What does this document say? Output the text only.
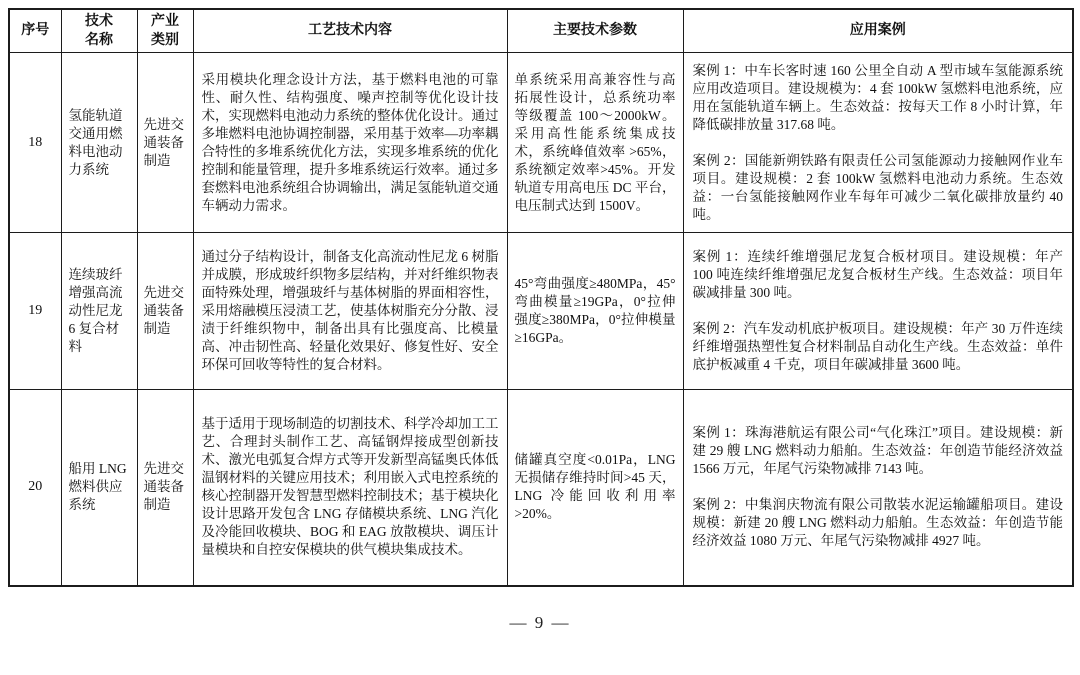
序号	技术名称	产业类别	工艺技术内容	主要技术参数	应用案例
18	氢能轨道交通用燃料电池动力系统	先进交通装备制造	采用模块化理念设计方法，基于燃料电池的可靠性、耐久性、结构强度、噪声控制等优化设计技术，实现燃料电池动力系统的整体优化设计。通过多堆燃料电池协调控制器，采用基于效率—功率耦合特性的多堆系统优化方法，实现多堆系统的优化控制和能量管理，提升多堆系统运行效率。通过多套燃料电池系统组合协调输出，满足氢能轨道交通车辆动力需求。	单系统采用高兼容性与高拓展性设计，总系统功率等级覆盖 100～2000kW。采用高性能系统集成技术，系统峰值效率 >65%，系统额定效率>45%。开发轨道专用高电压 DC 平台，电压制式达到 1500V。	案例 1：中车长客时速 160 公里全自动 A 型市域车氢能源系统应用改造项目。建设规模为：4 套 100kW 氢燃料电池系统，应用在氢能轨道车辆上。生态效益：按每天工作 8 小时计算，年降低碳排放量 317.68 吨。

案例 2：国能新朔铁路有限责任公司氢能源动力接触网作业车项目。建设规模：2 套 100kW 氢燃料电池动力系统。生态效益：一台氢能接触网作业车每年可减少二氧化碳排放量约 40 吨。

19	连续玻纤增强高流动性尼龙 6 复合材料	先进交通装备制造	通过分子结构设计，制备支化高流动性尼龙 6 树脂并成膜，形成玻纤织物多层结构，并对纤维织物表面特殊处理，增强玻纤与基体树脂的界面相容性，采用熔融模压浸渍工艺，使基体树脂充分分散、浸渍于纤维织物中，制备出具有比强度高、比模量高、冲击韧性高、轻量化效果好、修复性好、安全环保可回收等特性的复合材料。	45°弯曲强度≥480MPa，45°弯曲模量≥19GPa，0°拉伸强度≥380MPa，0°拉伸模量≥16GPa。	案例 1：连续纤维增强尼龙复合板材项目。建设规模：年产 100 吨连续纤维增强尼龙复合板材生产线。生态效益：项目年碳减排量 300 吨。

案例 2：汽车发动机底护板项目。建设规模：年产 30 万件连续纤维增强热塑性复合材料制品自动化生产线。生态效益：单件底护板减重 4 千克，项目年碳减排量 3600 吨。

20	船用 LNG 燃料供应系统	先进交通装备制造	基于适用于现场制造的切割技术、科学冷却加工工艺、合理封头制作工艺、高锰钢焊接成型创新技术、激光电弧复合焊方式等开发新型高锰奥氏体低温钢材料的关键应用技术；利用嵌入式电控系统的核心控制器开发智慧型燃料控制技术；基于模块化设计思路开发包含 LNG 存储模块系统、LNG 汽化及冷能回收模块、BOG 和 EAG 放散模块、调压计量模块和自控安保模块的供气模块集成技术。	储罐真空度<0.01Pa，LNG 无损储存维持时间>45 天，LNG 冷能回收利用率>20%。	案例 1：珠海港航运有限公司“气化珠江”项目。建设规模：新建 29 艘 LNG 燃料动力船舶。生态效益：年创造节能经济效益 1566 万元，年尾气污染物减排 7143 吨。

案例 2：中集润庆物流有限公司散装水泥运输罐船项目。建设规模：新建 20 艘 LNG 燃料动力船舶。生态效益：年创造节能经济效益 1080 万元、年尾气污染物减排 4927 吨。

— 9 —
